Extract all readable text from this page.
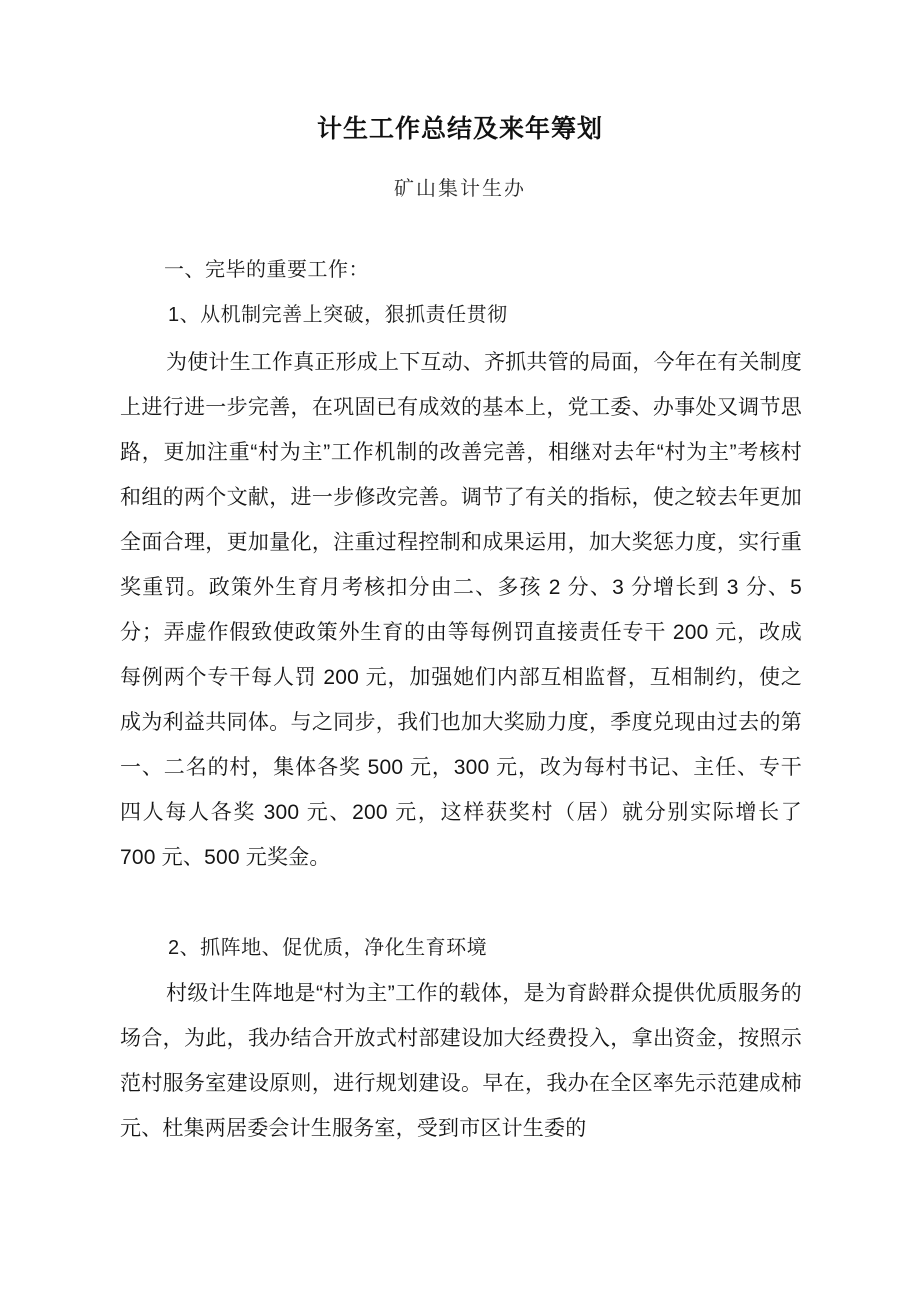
计生工作总结及来年筹划
矿山集计生办

一、完毕的重要工作：

1、从机制完善上突破，狠抓责任贯彻

为使计生工作真正形成上下互动、齐抓共管的局面，今年在有关制度上进行进一步完善，在巩固已有成效的基本上，党工委、办事处又调节思路，更加注重“村为主”工作机制的改善完善，相继对去年“村为主”考核村和组的两个文献，进一步修改完善。调节了有关的指标，使之较去年更加全面合理，更加量化，注重过程控制和成果运用，加大奖惩力度，实行重奖重罚。政策外生育月考核扣分由二、多孩 2 分、3 分增长到 3 分、5 分；弄虚作假致使政策外生育的由等每例罚直接责任专干 200 元，改成每例两个专干每人罚 200 元，加强她们内部互相监督，互相制约，使之成为利益共同体。与之同步，我们也加大奖励力度，季度兑现由过去的第一、二名的村，集体各奖 500 元，300 元，改为每村书记、主任、专干四人每人各奖 300 元、200 元，这样获奖村（居）就分别实际增长了 700 元、500 元奖金。

2、抓阵地、促优质，净化生育环境

村级计生阵地是“村为主”工作的载体，是为育龄群众提供优质服务的场合，为此，我办结合开放式村部建设加大经费投入，拿出资金，按照示范村服务室建设原则，进行规划建设。早在，我办在全区率先示范建成柿元、杜集两居委会计生服务室，受到市区计生委的
